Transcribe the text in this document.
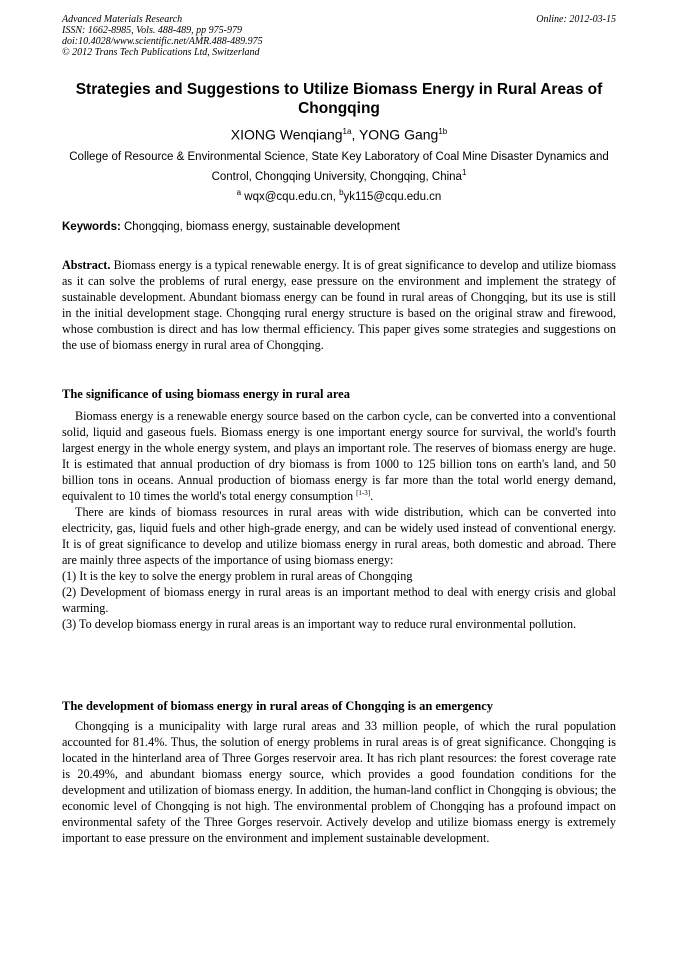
Advanced Materials Research
ISSN: 1662-8985, Vols. 488-489, pp 975-979
doi:10.4028/www.scientific.net/AMR.488-489.975
© 2012 Trans Tech Publications Ltd, Switzerland
Online: 2012-03-15
Strategies and Suggestions to Utilize Biomass Energy in Rural Areas of Chongqing
XIONG Wenqiang$^{1a}$, YONG Gang$^{1b}$
College of Resource & Environmental Science, State Key Laboratory of Coal Mine Disaster Dynamics and Control, Chongqing University, Chongqing, China$^1$
$^a$ wqx@cqu.edu.cn, $^b$yk115@cqu.edu.cn
Keywords: Chongqing, biomass energy, sustainable development

Abstract. Biomass energy is a typical renewable energy. It is of great significance to develop and utilize biomass as it can solve the problems of rural energy, ease pressure on the environment and implement the strategy of sustainable development. Abundant biomass energy can be found in rural areas of Chongqing, but its use is still in the initial development stage. Chongqing rural energy structure is based on the original straw and firewood, whose combustion is direct and has low thermal efficiency. This paper gives some strategies and suggestions on the use of biomass energy in rural area of Chongqing.

The significance of using biomass energy in rural area

Biomass energy is a renewable energy source based on the carbon cycle, can be converted into a conventional solid, liquid and gaseous fuels. Biomass energy is one important energy source for survival, the world's fourth largest energy in the whole energy system, and plays an important role. The reserves of biomass energy are huge. It is estimated that annual production of dry biomass is from 1000 to 125 billion tons on earth's land, and 50 billion tons in oceans. Annual production of biomass energy is far more than the total world energy demand, equivalent to 10 times the world's total energy consumption [1-3].

There are kinds of biomass resources in rural areas with wide distribution, which can be converted into electricity, gas, liquid fuels and other high-grade energy, and can be widely used instead of conventional energy. It is of great significance to develop and utilize biomass energy in rural areas, both domestic and abroad. There are mainly three aspects of the importance of using biomass energy:

(1) It is the key to solve the energy problem in rural areas of Chongqing

(2) Development of biomass energy in rural areas is an important method to deal with energy crisis and global warming.

(3) To develop biomass energy in rural areas is an important way to reduce rural environmental pollution.

The development of biomass energy in rural areas of Chongqing is an emergency

Chongqing is a municipality with large rural areas and 33 million people, of which the rural population accounted for 81.4%. Thus, the solution of energy problems in rural areas is of great significance. Chongqing is located in the hinterland area of Three Gorges reservoir area. It has rich plant resources: the forest coverage rate is 20.49%, and abundant biomass energy source, which provides a good foundation conditions for the development and utilization of biomass energy. In addition, the human-land conflict in Chongqing is obvious; the economic level of Chongqing is not high. The environmental problem of Chongqing has a profound impact on environmental safety of the Three Gorges reservoir. Actively develop and utilize biomass energy is extremely important to ease pressure on the environment and implement sustainable development.
